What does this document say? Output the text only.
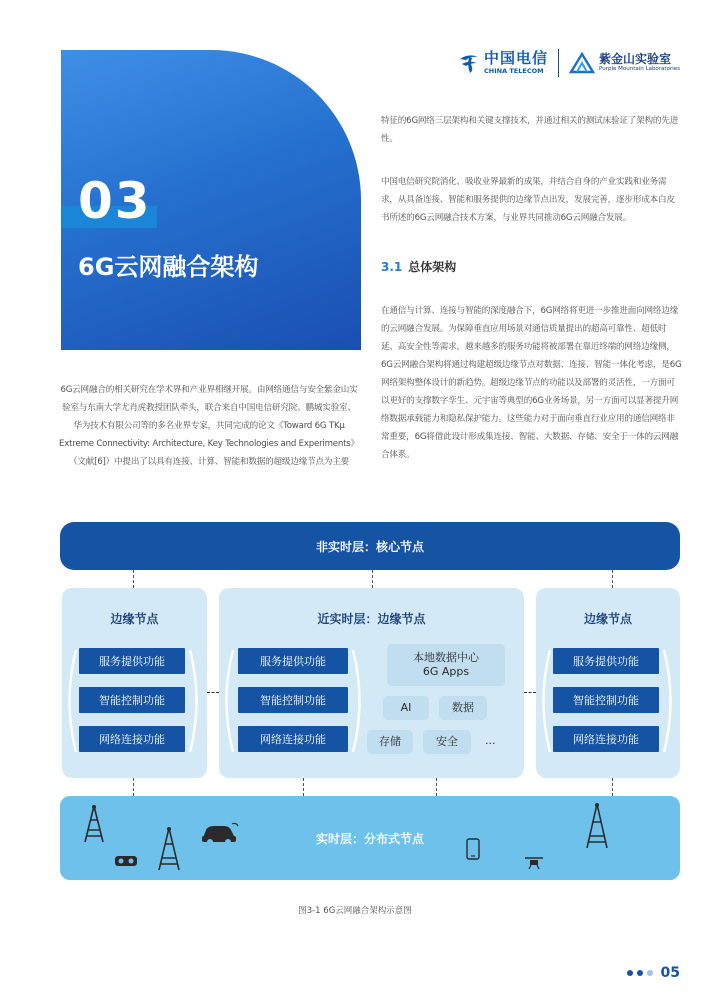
中国电信
CHINA TELECOM
紫金山实验室
Purple Mountain Laboratories
03
6G云网融合架构
6G云网融合的相关研究在学术界和产业界相继开展。由网络通信与安全紫金山实验室与东南大学尤肖虎教授团队牵头，联合来自中国电信研究院、鹏城实验室、华为技术有限公司等的多名业界专家，共同完成的论文《Toward 6G TKμ Extreme Connectivity: Architecture, Key Technologies and Experiments》（文献[6]）中提出了以具有连接、计算、智能和数据的超级边缘节点为主要
特征的6G网络三层架构和关键支撑技术，并通过相关的测试床验证了架构的先进性。
中国电信研究院消化、吸收业界最新的成果，并结合自身的产业实践和业务需求，从具备连接、智能和服务提供的边缘节点出发，发展完善，逐步形成本白皮书所述的6G云网融合技术方案，与业界共同推动6G云网融合发展。
3.1 总体架构
在通信与计算、连接与智能的深度融合下，6G网络将更进一步推进面向网络边缘的云网融合发展。为保障垂直应用场景对通信质量提出的超高可靠性、超低时延、高安全性等需求，越来越多的服务功能将被部署在靠近终端的网络边缘侧，6G云网融合架构将通过构建超级边缘节点对数据、连接、智能一体化考虑，是6G网络架构整体设计的新趋势。超级边缘节点的功能以及部署的灵活性，一方面可以更好的支撑数字孪生、元宇宙等典型的6G业务场景，另一方面可以显著提升网络数据承载能力和隐私保护能力。这些能力对于面向垂直行业应用的通信网络非常重要，6G将借此设计形成集连接、智能、大数据、存储、安全于一体的云网融合体系。
非实时层：核心节点
边缘节点
服务提供功能
智能控制功能
网络连接功能
近实时层：边缘节点
服务提供功能
智能控制功能
网络连接功能
本地数据中心
6G Apps
AI	数据
存储	安全	...
边缘节点
服务提供功能
智能控制功能
网络连接功能
实时层：分布式节点
图3-1 6G云网融合架构示意图
05
